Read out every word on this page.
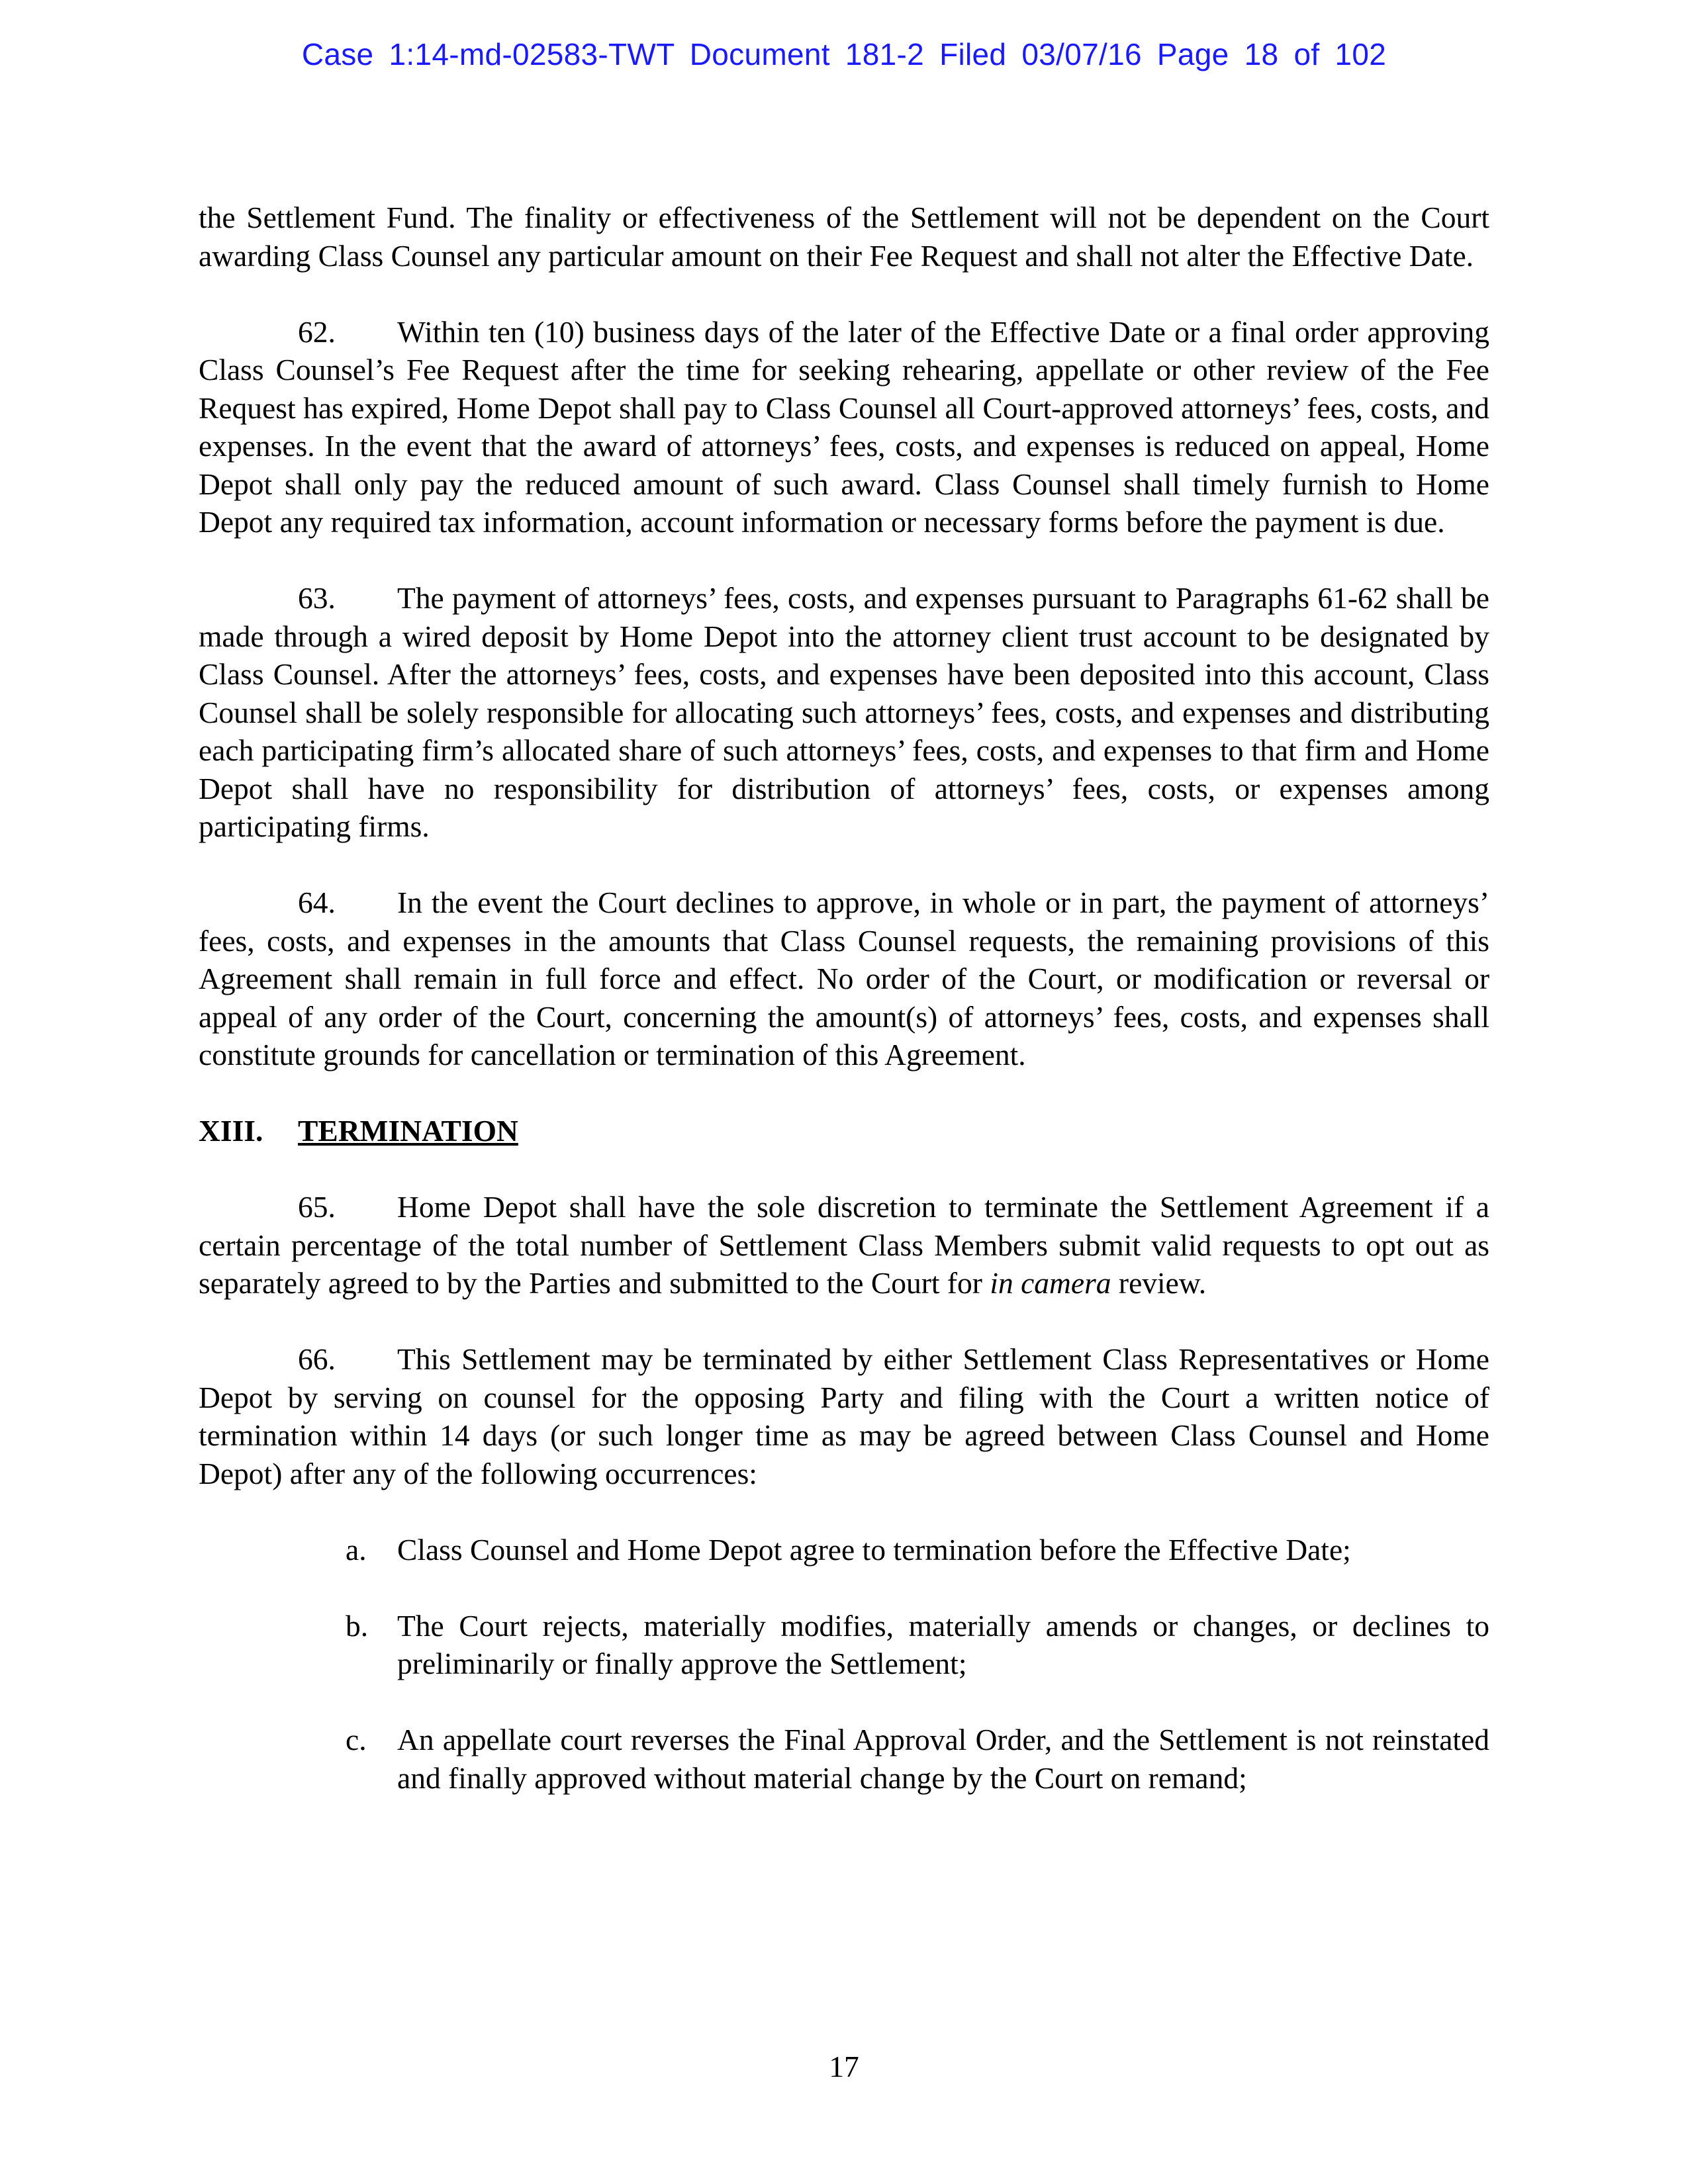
Case 1:14-md-02583-TWT Document 181-2 Filed 03/07/16 Page 18 of 102

the Settlement Fund. The finality or effectiveness of the Settlement will not be dependent on the Court awarding Class Counsel any particular amount on their Fee Request and shall not alter the Effective Date.

62. Within ten (10) business days of the later of the Effective Date or a final order approving Class Counsel’s Fee Request after the time for seeking rehearing, appellate or other review of the Fee Request has expired, Home Depot shall pay to Class Counsel all Court-approved attorneys’ fees, costs, and expenses. In the event that the award of attorneys’ fees, costs, and expenses is reduced on appeal, Home Depot shall only pay the reduced amount of such award. Class Counsel shall timely furnish to Home Depot any required tax information, account information or necessary forms before the payment is due.

63. The payment of attorneys’ fees, costs, and expenses pursuant to Paragraphs 61-62 shall be made through a wired deposit by Home Depot into the attorney client trust account to be designated by Class Counsel. After the attorneys’ fees, costs, and expenses have been deposited into this account, Class Counsel shall be solely responsible for allocating such attorneys’ fees, costs, and expenses and distributing each participating firm’s allocated share of such attorneys’ fees, costs, and expenses to that firm and Home Depot shall have no responsibility for distribution of attorneys’ fees, costs, or expenses among participating firms.

64. In the event the Court declines to approve, in whole or in part, the payment of attorneys’ fees, costs, and expenses in the amounts that Class Counsel requests, the remaining provisions of this Agreement shall remain in full force and effect. No order of the Court, or modification or reversal or appeal of any order of the Court, concerning the amount(s) of attorneys’ fees, costs, and expenses shall constitute grounds for cancellation or termination of this Agreement.

XIII. TERMINATION

65. Home Depot shall have the sole discretion to terminate the Settlement Agreement if a certain percentage of the total number of Settlement Class Members submit valid requests to opt out as separately agreed to by the Parties and submitted to the Court for in camera review.

66. This Settlement may be terminated by either Settlement Class Representatives or Home Depot by serving on counsel for the opposing Party and filing with the Court a written notice of termination within 14 days (or such longer time as may be agreed between Class Counsel and Home Depot) after any of the following occurrences:

a.	Class Counsel and Home Depot agree to termination before the Effective Date;
b. The Court rejects, materially modifies, materially amends or changes, or declines to preliminarily or finally approve the Settlement;
c.	An appellate court reverses the Final Approval Order, and the Settlement is not reinstated and finally approved without material change by the Court on remand;
17
